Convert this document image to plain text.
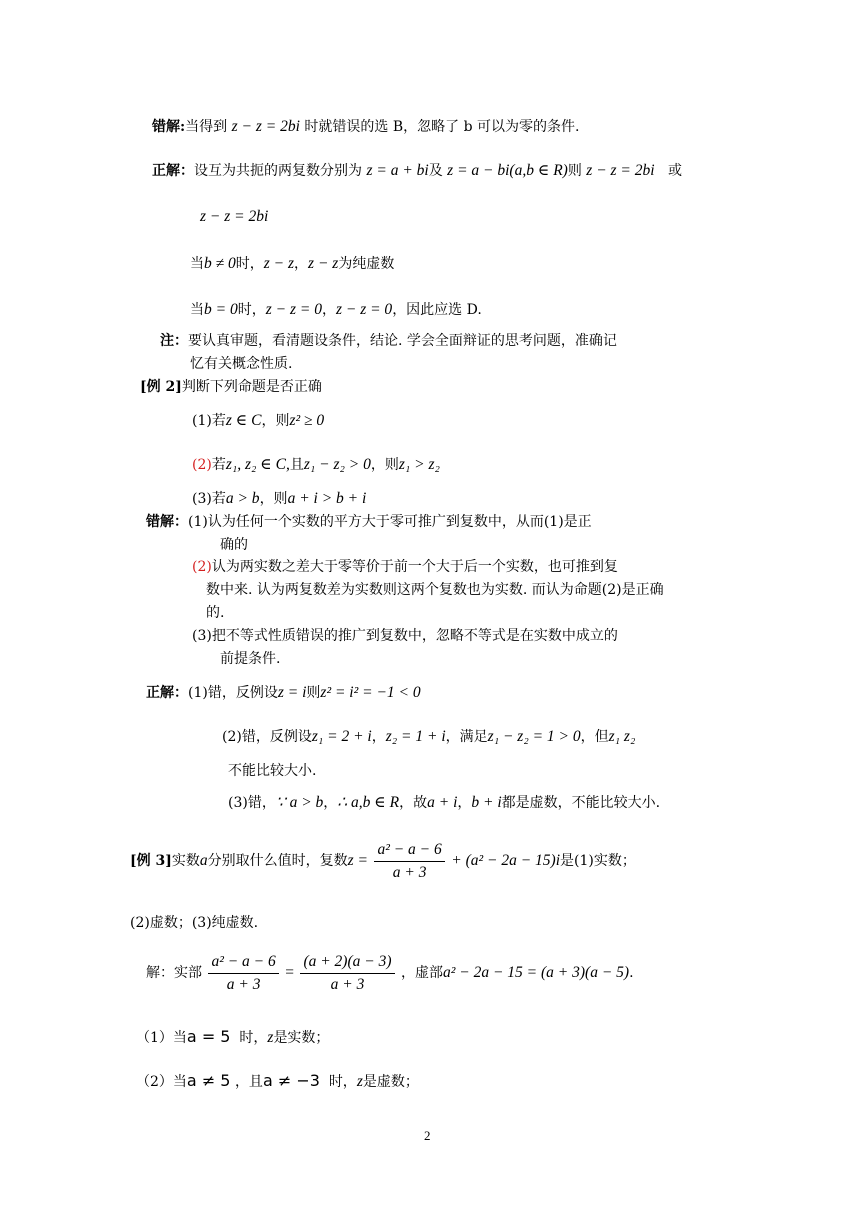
错解:当得到 z − z = 2bi 时就错误的选 B，忽略了 b 可以为零的条件.
正解：设互为共扼的两复数分别为 z = a + bi及 z = a − bi(a,b ∈ R)则 z − z = 2bi 或
z − z = 2bi
当b ≠ 0时，z − z，z − z为纯虚数
当b = 0时，z − z = 0，z − z = 0，因此应选 D.
注：要认真审题，看清题设条件，结论. 学会全面辩证的思考问题，准确记
忆有关概念性质.
[例 2]判断下列命题是否正确
(1)若z ∈ C，则z² ≥ 0
(2)若z₁, z₂ ∈ C,且z₁ − z₂ > 0，则z₁ > z₂
(3)若a > b，则a + i > b + i
错解：(1)认为任何一个实数的平方大于零可推广到复数中，从而(1)是正
确的
(2)认为两实数之差大于零等价于前一个大于后一个实数，也可推到复
数中来. 认为两复数差为实数则这两个复数也为实数. 而认为命题(2)是正确
的.
(3)把不等式性质错误的推广到复数中，忽略不等式是在实数中成立的
前提条件.
正解：(1)错，反例设z = i则z² = i² = −1 < 0
(2)错，反例设z₁ = 2 + i，z₂ = 1 + i，满足z₁ − z₂ = 1 > 0，但z₁ z₂
不能比较大小.
(3)错，∵ a > b，∴ a,b ∈ R，故a + i，b + i都是虚数，不能比较大小.
[例 3]实数a分别取什么值时，复数$z = \frac{\text{a² − a − 6}}{a + 3} + (a^2 - 2a - 15)i$是(1)实数；
(2)虚数；(3)纯虚数.
解：实部 $\frac{\text{a² − a − 6}}{a + 3} = \frac{(a + 2)(a - 3)}{a + 3}$ ，虚部a² − 2a − 15 = (a + 3)(a − 5).
（1）当a = 5 时，z是实数；
（2）当a ≠ 5 ，且a ≠ −3 时，z是虚数；
2
